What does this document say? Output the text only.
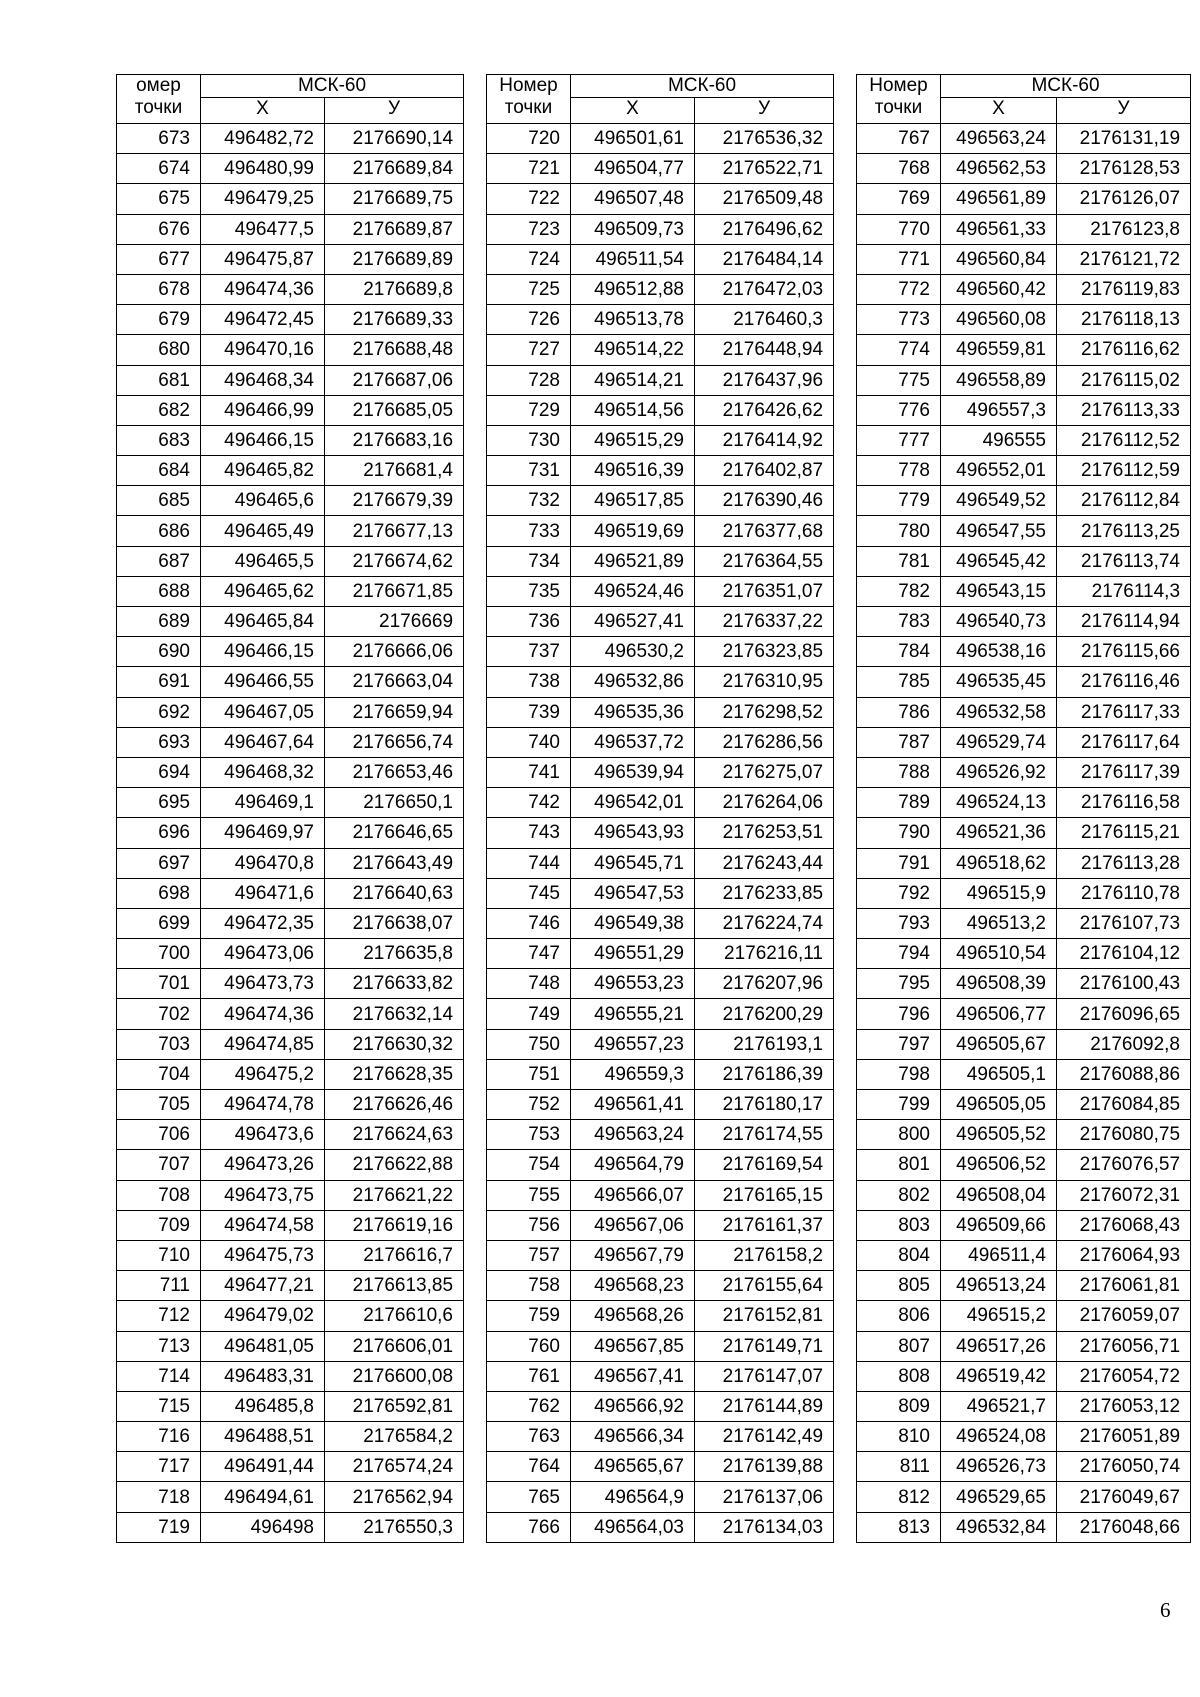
омер точки	МСК-60	
	Х	У
673	496482,72	2176690,14
674	496480,99	2176689,84
675	496479,25	2176689,75
676	496477,5	2176689,87
677	496475,87	2176689,89
678	496474,36	2176689,8
679	496472,45	2176689,33
680	496470,16	2176688,48
681	496468,34	2176687,06
682	496466,99	2176685,05
683	496466,15	2176683,16
684	496465,82	2176681,4
685	496465,6	2176679,39
686	496465,49	2176677,13
687	496465,5	2176674,62
688	496465,62	2176671,85
689	496465,84	2176669
690	496466,15	2176666,06
691	496466,55	2176663,04
692	496467,05	2176659,94
693	496467,64	2176656,74
694	496468,32	2176653,46
695	496469,1	2176650,1
696	496469,97	2176646,65
697	496470,8	2176643,49
698	496471,6	2176640,63
699	496472,35	2176638,07
700	496473,06	2176635,8
701	496473,73	2176633,82
702	496474,36	2176632,14
703	496474,85	2176630,32
704	496475,2	2176628,35
705	496474,78	2176626,46
706	496473,6	2176624,63
707	496473,26	2176622,88
708	496473,75	2176621,22
709	496474,58	2176619,16
710	496475,73	2176616,7
711	496477,21	2176613,85
712	496479,02	2176610,6
713	496481,05	2176606,01
714	496483,31	2176600,08
715	496485,8	2176592,81
716	496488,51	2176584,2
717	496491,44	2176574,24
718	496494,61	2176562,94
719	496498	2176550,3
Номер точки	МСК-60	
	Х	У
720	496501,61	2176536,32
721	496504,77	2176522,71
722	496507,48	2176509,48
723	496509,73	2176496,62
724	496511,54	2176484,14
725	496512,88	2176472,03
726	496513,78	2176460,3
727	496514,22	2176448,94
728	496514,21	2176437,96
729	496514,56	2176426,62
730	496515,29	2176414,92
731	496516,39	2176402,87
732	496517,85	2176390,46
733	496519,69	2176377,68
734	496521,89	2176364,55
735	496524,46	2176351,07
736	496527,41	2176337,22
737	496530,2	2176323,85
738	496532,86	2176310,95
739	496535,36	2176298,52
740	496537,72	2176286,56
741	496539,94	2176275,07
742	496542,01	2176264,06
743	496543,93	2176253,51
744	496545,71	2176243,44
745	496547,53	2176233,85
746	496549,38	2176224,74
747	496551,29	2176216,11
748	496553,23	2176207,96
749	496555,21	2176200,29
750	496557,23	2176193,1
751	496559,3	2176186,39
752	496561,41	2176180,17
753	496563,24	2176174,55
754	496564,79	2176169,54
755	496566,07	2176165,15
756	496567,06	2176161,37
757	496567,79	2176158,2
758	496568,23	2176155,64
759	496568,26	2176152,81
760	496567,85	2176149,71
761	496567,41	2176147,07
762	496566,92	2176144,89
763	496566,34	2176142,49
764	496565,67	2176139,88
765	496564,9	2176137,06
766	496564,03	2176134,03
Номер точки	МСК-60	
	Х	У
767	496563,24	2176131,19
768	496562,53	2176128,53
769	496561,89	2176126,07
770	496561,33	2176123,8
771	496560,84	2176121,72
772	496560,42	2176119,83
773	496560,08	2176118,13
774	496559,81	2176116,62
775	496558,89	2176115,02
776	496557,3	2176113,33
777	496555	2176112,52
778	496552,01	2176112,59
779	496549,52	2176112,84
780	496547,55	2176113,25
781	496545,42	2176113,74
782	496543,15	2176114,3
783	496540,73	2176114,94
784	496538,16	2176115,66
785	496535,45	2176116,46
786	496532,58	2176117,33
787	496529,74	2176117,64
788	496526,92	2176117,39
789	496524,13	2176116,58
790	496521,36	2176115,21
791	496518,62	2176113,28
792	496515,9	2176110,78
793	496513,2	2176107,73
794	496510,54	2176104,12
795	496508,39	2176100,43
796	496506,77	2176096,65
797	496505,67	2176092,8
798	496505,1	2176088,86
799	496505,05	2176084,85
800	496505,52	2176080,75
801	496506,52	2176076,57
802	496508,04	2176072,31
803	496509,66	2176068,43
804	496511,4	2176064,93
805	496513,24	2176061,81
806	496515,2	2176059,07
807	496517,26	2176056,71
808	496519,42	2176054,72
809	496521,7	2176053,12
810	496524,08	2176051,89
811	496526,73	2176050,74
812	496529,65	2176049,67
813	496532,84	2176048,66
6
